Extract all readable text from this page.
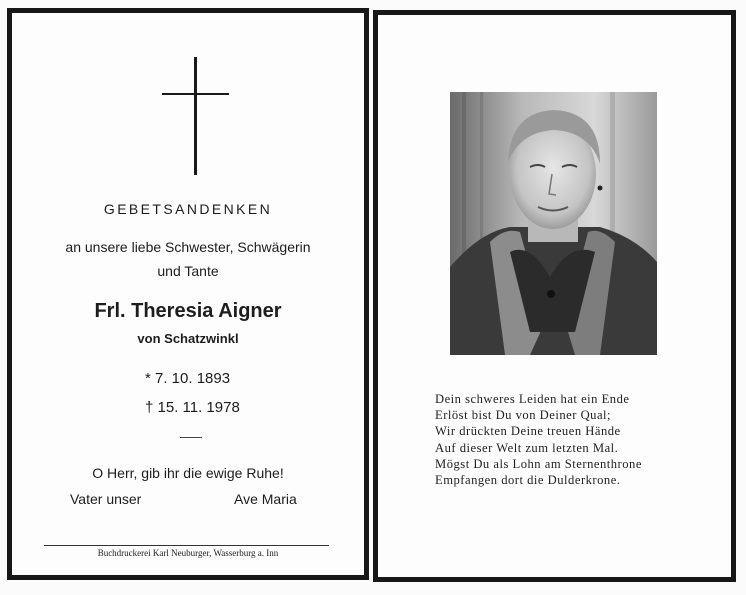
GEBETSANDENKEN
an unsere liebe Schwester, Schwägerin
und Tante
Frl. Theresia Aigner
von Schatzwinkl
* 7. 10. 1893
† 15. 11. 1978
O Herr, gib ihr die ewige Ruhe!
Vater unser	Ave Maria
Buchdruckerei Karl Neuburger, Wasserburg a. Inn
Dein schweres Leiden hat ein Ende
Erlöst bist Du von Deiner Qual;
Wir drückten Deine treuen Hände
Auf dieser Welt zum letzten Mal.
Mögst Du als Lohn am Sternenthrone
Empfangen dort die Dulderkrone.
